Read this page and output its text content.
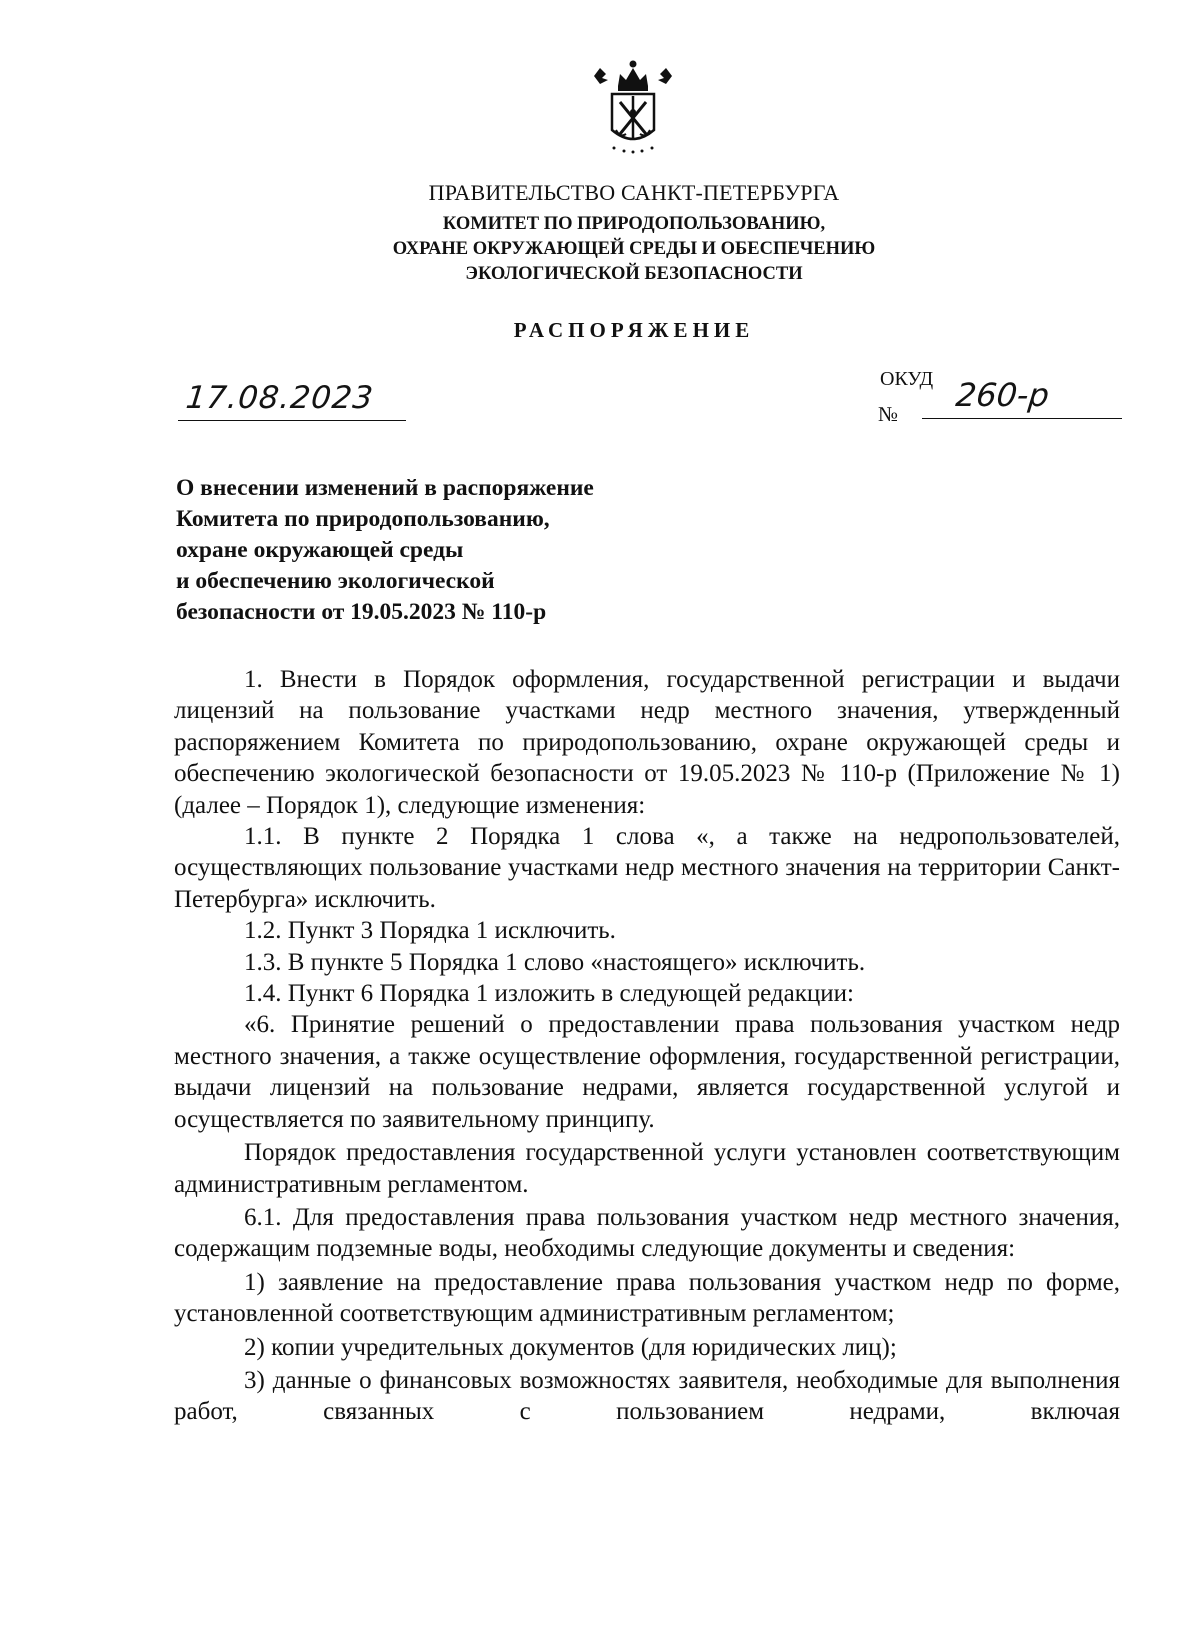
ПРАВИТЕЛЬСТВО САНКТ-ПЕТЕРБУРГА
КОМИТЕТ ПО ПРИРОДОПОЛЬЗОВАНИЮ,
ОХРАНЕ ОКРУЖАЮЩЕЙ СРЕДЫ И ОБЕСПЕЧЕНИЮ
ЭКОЛОГИЧЕСКОЙ БЕЗОПАСНОСТИ
РАСПОРЯЖЕНИЕ
17.08.2023
ОКУД
№ 260-р
О внесении изменений в распоряжение
Комитета по природопользованию,
охране окружающей среды
и обеспечению экологической
безопасности от 19.05.2023 № 110-р

1. Внести в Порядок оформления, государственной регистрации и выдачи лицензий на пользование участками недр местного значения, утвержденный распоряжением Комитета по природопользованию, охране окружающей среды и обеспечению экологической безопасности от 19.05.2023 № 110-р (Приложение № 1) (далее – Порядок 1), следующие изменения:

1.1. В пункте 2 Порядка 1 слова «, а также на недропользователей, осуществляющих пользование участками недр местного значения на территории Санкт-Петербурга» исключить.

1.2. Пункт 3 Порядка 1 исключить.

1.3. В пункте 5 Порядка 1 слово «настоящего» исключить.

1.4. Пункт 6 Порядка 1 изложить в следующей редакции:

«6. Принятие решений о предоставлении права пользования участком недр местного значения, а также осуществление оформления, государственной регистрации, выдачи лицензий на пользование недрами, является государственной услугой и осуществляется по заявительному принципу.

Порядок предоставления государственной услуги установлен соответствующим административным регламентом.

6.1. Для предоставления права пользования участком недр местного значения, содержащим подземные воды, необходимы следующие документы и сведения:

1) заявление на предоставление права пользования участком недр по форме, установленной соответствующим административным регламентом;

2) копии учредительных документов (для юридических лиц);

3) данные о финансовых возможностях заявителя, необходимые для выполнения работ, связанных с пользованием недрами, включая
